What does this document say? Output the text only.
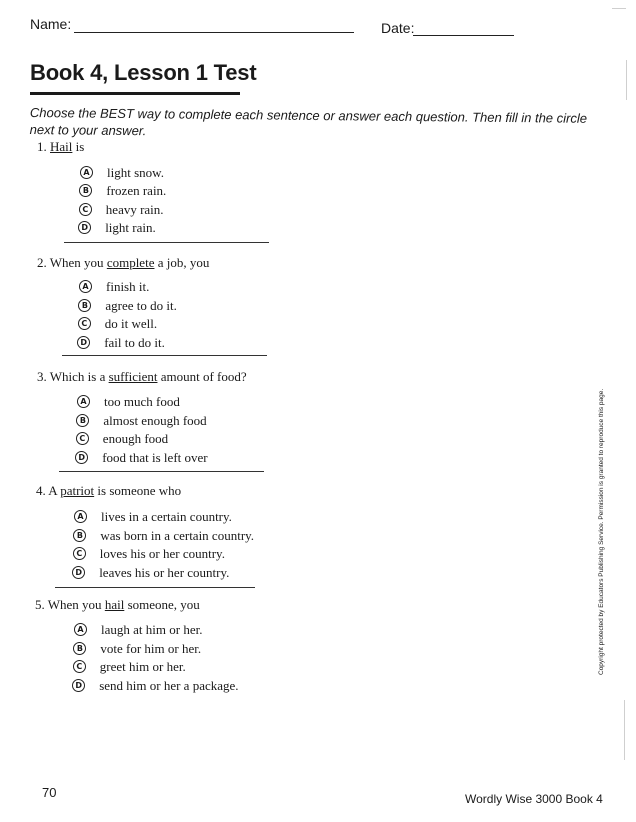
Name:	Date:
Book 4, Lesson 1 Test
Choose the BEST way to complete each sentence or answer each question. Then fill in the circle next to your answer.
1. Hail is
A light snow.
B frozen rain.
C heavy rain.
D light rain.
2. When you complete a job, you
A finish it.
B agree to do it.
C do it well.
D fail to do it.
3. Which is a sufficient amount of food?
A too much food
B almost enough food
C enough food
D food that is left over
4. A patriot is someone who
A lives in a certain country.
B was born in a certain country.
C loves his or her country.
D leaves his or her country.
5. When you hail someone, you
A laugh at him or her.
B vote for him or her.
C greet him or her.
D send him or her a package.
70	Wordly Wise 3000 Book 4
Copyright protected by Educators Publishing Service. Permission is granted to reproduce this page.
